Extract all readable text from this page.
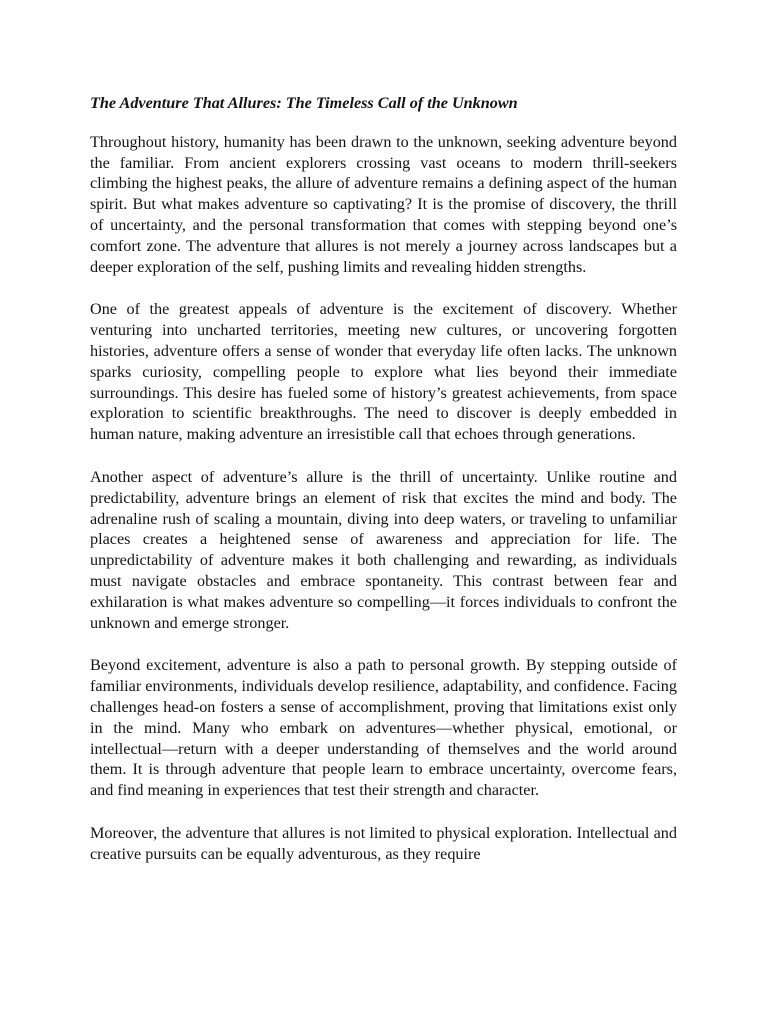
The Adventure That Allures: The Timeless Call of the Unknown

Throughout history, humanity has been drawn to the unknown, seeking adventure beyond the familiar. From ancient explorers crossing vast oceans to modern thrill-seekers climbing the highest peaks, the allure of adventure remains a defining aspect of the human spirit. But what makes adventure so captivating? It is the promise of discovery, the thrill of uncertainty, and the personal transformation that comes with stepping beyond one’s comfort zone. The adventure that allures is not merely a journey across landscapes but a deeper exploration of the self, pushing limits and revealing hidden strengths.

One of the greatest appeals of adventure is the excitement of discovery. Whether venturing into uncharted territories, meeting new cultures, or uncovering forgotten histories, adventure offers a sense of wonder that everyday life often lacks. The unknown sparks curiosity, compelling people to explore what lies beyond their immediate surroundings. This desire has fueled some of history’s greatest achievements, from space exploration to scientific breakthroughs. The need to discover is deeply embedded in human nature, making adventure an irresistible call that echoes through generations.

Another aspect of adventure’s allure is the thrill of uncertainty. Unlike routine and predictability, adventure brings an element of risk that excites the mind and body. The adrenaline rush of scaling a mountain, diving into deep waters, or traveling to unfamiliar places creates a heightened sense of awareness and appreciation for life. The unpredictability of adventure makes it both challenging and rewarding, as individuals must navigate obstacles and embrace spontaneity. This contrast between fear and exhilaration is what makes adventure so compelling—it forces individuals to confront the unknown and emerge stronger.

Beyond excitement, adventure is also a path to personal growth. By stepping outside of familiar environments, individuals develop resilience, adaptability, and confidence. Facing challenges head-on fosters a sense of accomplishment, proving that limitations exist only in the mind. Many who embark on adventures—whether physical, emotional, or intellectual—return with a deeper understanding of themselves and the world around them. It is through adventure that people learn to embrace uncertainty, overcome fears, and find meaning in experiences that test their strength and character.

Moreover, the adventure that allures is not limited to physical exploration. Intellectual and creative pursuits can be equally adventurous, as they require
